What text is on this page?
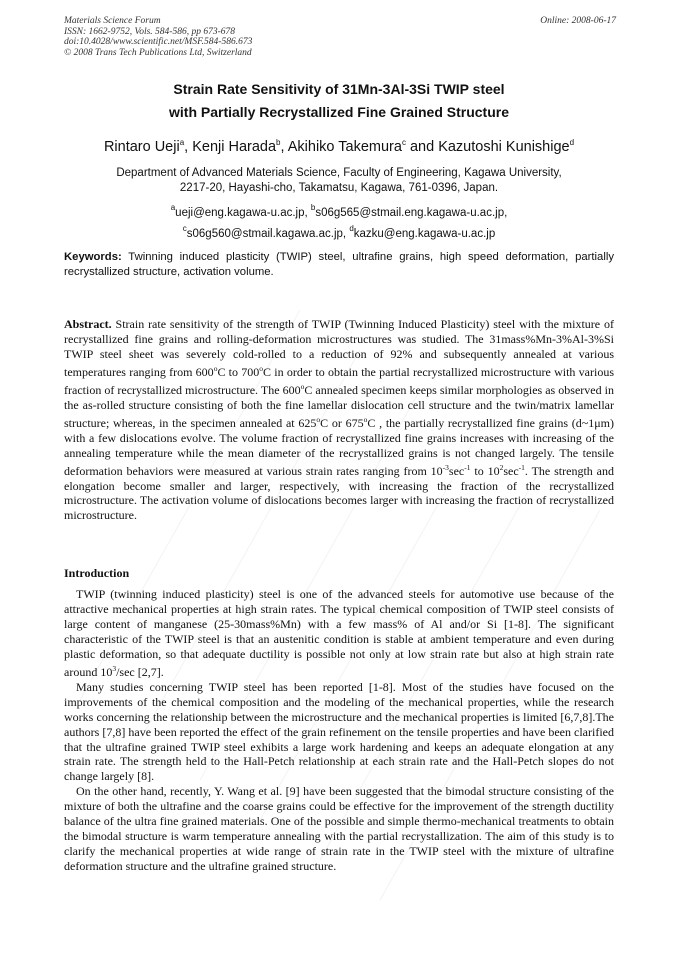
Materials Science Forum
ISSN: 1662-9752, Vols. 584-586, pp 673-678
doi:10.4028/www.scientific.net/MSF.584-586.673
© 2008 Trans Tech Publications Ltd, Switzerland
Online: 2008-06-17
Strain Rate Sensitivity of 31Mn-3Al-3Si TWIP steel
with Partially Recrystallized Fine Grained Structure
Rintaro Ueji$^a$, Kenji Harada$^b$, Akihiko Takemura$^c$ and Kazutoshi Kunishige$^d$
Department of Advanced Materials Science, Faculty of Engineering, Kagawa University,
2217-20, Hayashi-cho, Takamatsu, Kagawa, 761-0396, Japan.
$^a$ueji@eng.kagawa-u.ac.jp, $^b$s06g565@stmail.eng.kagawa-u.ac.jp,
$^c$s06g560@stmail.kagawa.ac.jp, $^d$kazku@eng.kagawa-u.ac.jp
Keywords: Twinning induced plasticity (TWIP) steel, ultrafine grains, high speed deformation, partially recrystallized structure, activation volume.
Abstract. Strain rate sensitivity of the strength of TWIP (Twinning Induced Plasticity) steel with the mixture of recrystallized fine grains and rolling-deformation microstructures was studied. The 31mass%Mn-3%Al-3%Si TWIP steel sheet was severely cold-rolled to a reduction of 92% and subsequently annealed at various temperatures ranging from 600$^o$C to 700$^o$C in order to obtain the partial recrystallized microstructure with various fraction of recrystallized microstructure. The 600$^o$C annealed specimen keeps similar morphologies as observed in the as-rolled structure consisting of both the fine lamellar dislocation cell structure and the twin/matrix lamellar structure; whereas, in the specimen annealed at 625$^o$C or 675$^o$C , the partially recrystallized fine grains (d~1μm) with a few dislocations evolve. The volume fraction of recrystallized fine grains increases with increasing of the annealing temperature while the mean diameter of the recrystallized grains is not changed largely. The tensile deformation behaviors were measured at various strain rates ranging from $10^{-3}\sec^{-1}$ to $10^2\sec^{-1}$. The strength and elongation become smaller and larger, respectively, with increasing the fraction of the recrystallized microstructure. The activation volume of dislocations becomes larger with increasing the fraction of recrystallized microstructure.
Introduction

TWIP (twinning induced plasticity) steel is one of the advanced steels for automotive use because of the attractive mechanical properties at high strain rates. The typical chemical composition of TWIP steel consists of large content of manganese (25-30mass%Mn) with a few mass% of Al and/or Si [1-8]. The significant characteristic of the TWIP steel is that an austenitic condition is stable at ambient temperature and even during plastic deformation, so that adequate ductility is possible not only at low strain rate but also at high strain rate around $10^3/\sec$ [2,7].

Many studies concerning TWIP steel has been reported [1-8]. Most of the studies have focused on the improvements of the chemical composition and the modeling of the mechanical properties, while the research works concerning the relationship between the microstructure and the mechanical properties is limited [6,7,8].The authors [7,8] have been reported the effect of the grain refinement on the tensile properties and have been clarified that the ultrafine grained TWIP steel exhibits a large work hardening and keeps an adequate elongation at any strain rate. The strength held to the Hall-Petch relationship at each strain rate and the Hall-Petch slopes do not change largely [8].

On the other hand, recently, Y. Wang et al. [9] have been suggested that the bimodal structure consisting of the mixture of both the ultrafine and the coarse grains could be effective for the improvement of the strength ductility balance of the ultra fine grained materials. One of the possible and simple thermo-mechanical treatments to obtain the bimodal structure is warm temperature annealing with the partial recrystallization. The aim of this study is to clarify the mechanical properties at wide range of strain rate in the TWIP steel with the mixture of ultrafine deformation structure and the ultrafine grained structure.
